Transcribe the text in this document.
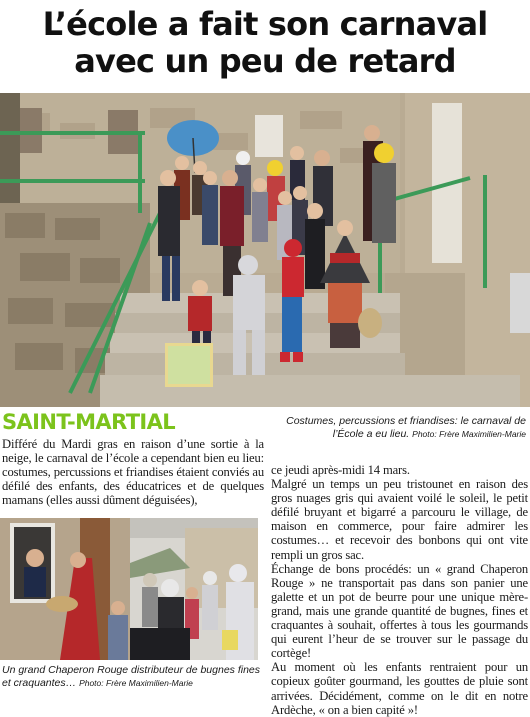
L’école a fait son carnaval
avec un peu de retard
SAINT-MARTIAL	Costumes, percussions et friandises: le carnaval de l’École a eu lieu. Photo: Frère Maximilien-Marie
Différé du Mardi gras en raison d’une sortie à la neige, le carnaval de l’école a cependant bien eu lieu: costumes, percussions et friandises étaient conviés au défilé des enfants, des éducatrices et de quelques mamans (elles aussi dûment déguisées),

ce jeudi après-midi 14 mars.

Malgré un temps un peu tristounet en raison des gros nuages gris qui avaient voilé le soleil, le petit défilé bruyant et bigarré a parcouru le village, de maison en commerce, pour faire admirer les costumes… et recevoir des bonbons qui ont vite rempli un gros sac.

Échange de bons procédés: un « grand Chaperon Rouge » ne transportait pas dans son panier une galette et un pot de beurre pour une unique mère-grand, mais une grande quantité de bugnes, fines et craquantes à souhait, offertes à tous les gourmands qui eurent l’heur de se trouver sur le passage du cortège!

Au moment où les enfants rentraient pour un copieux goûter gourmand, les gouttes de pluie sont arrivées. Décidément, comme on le dit en notre Ardèche, « on a bien capité »!

Un grand Chaperon Rouge distributeur de bugnes fines et craquantes… Photo: Frère Maximilien-Marie
